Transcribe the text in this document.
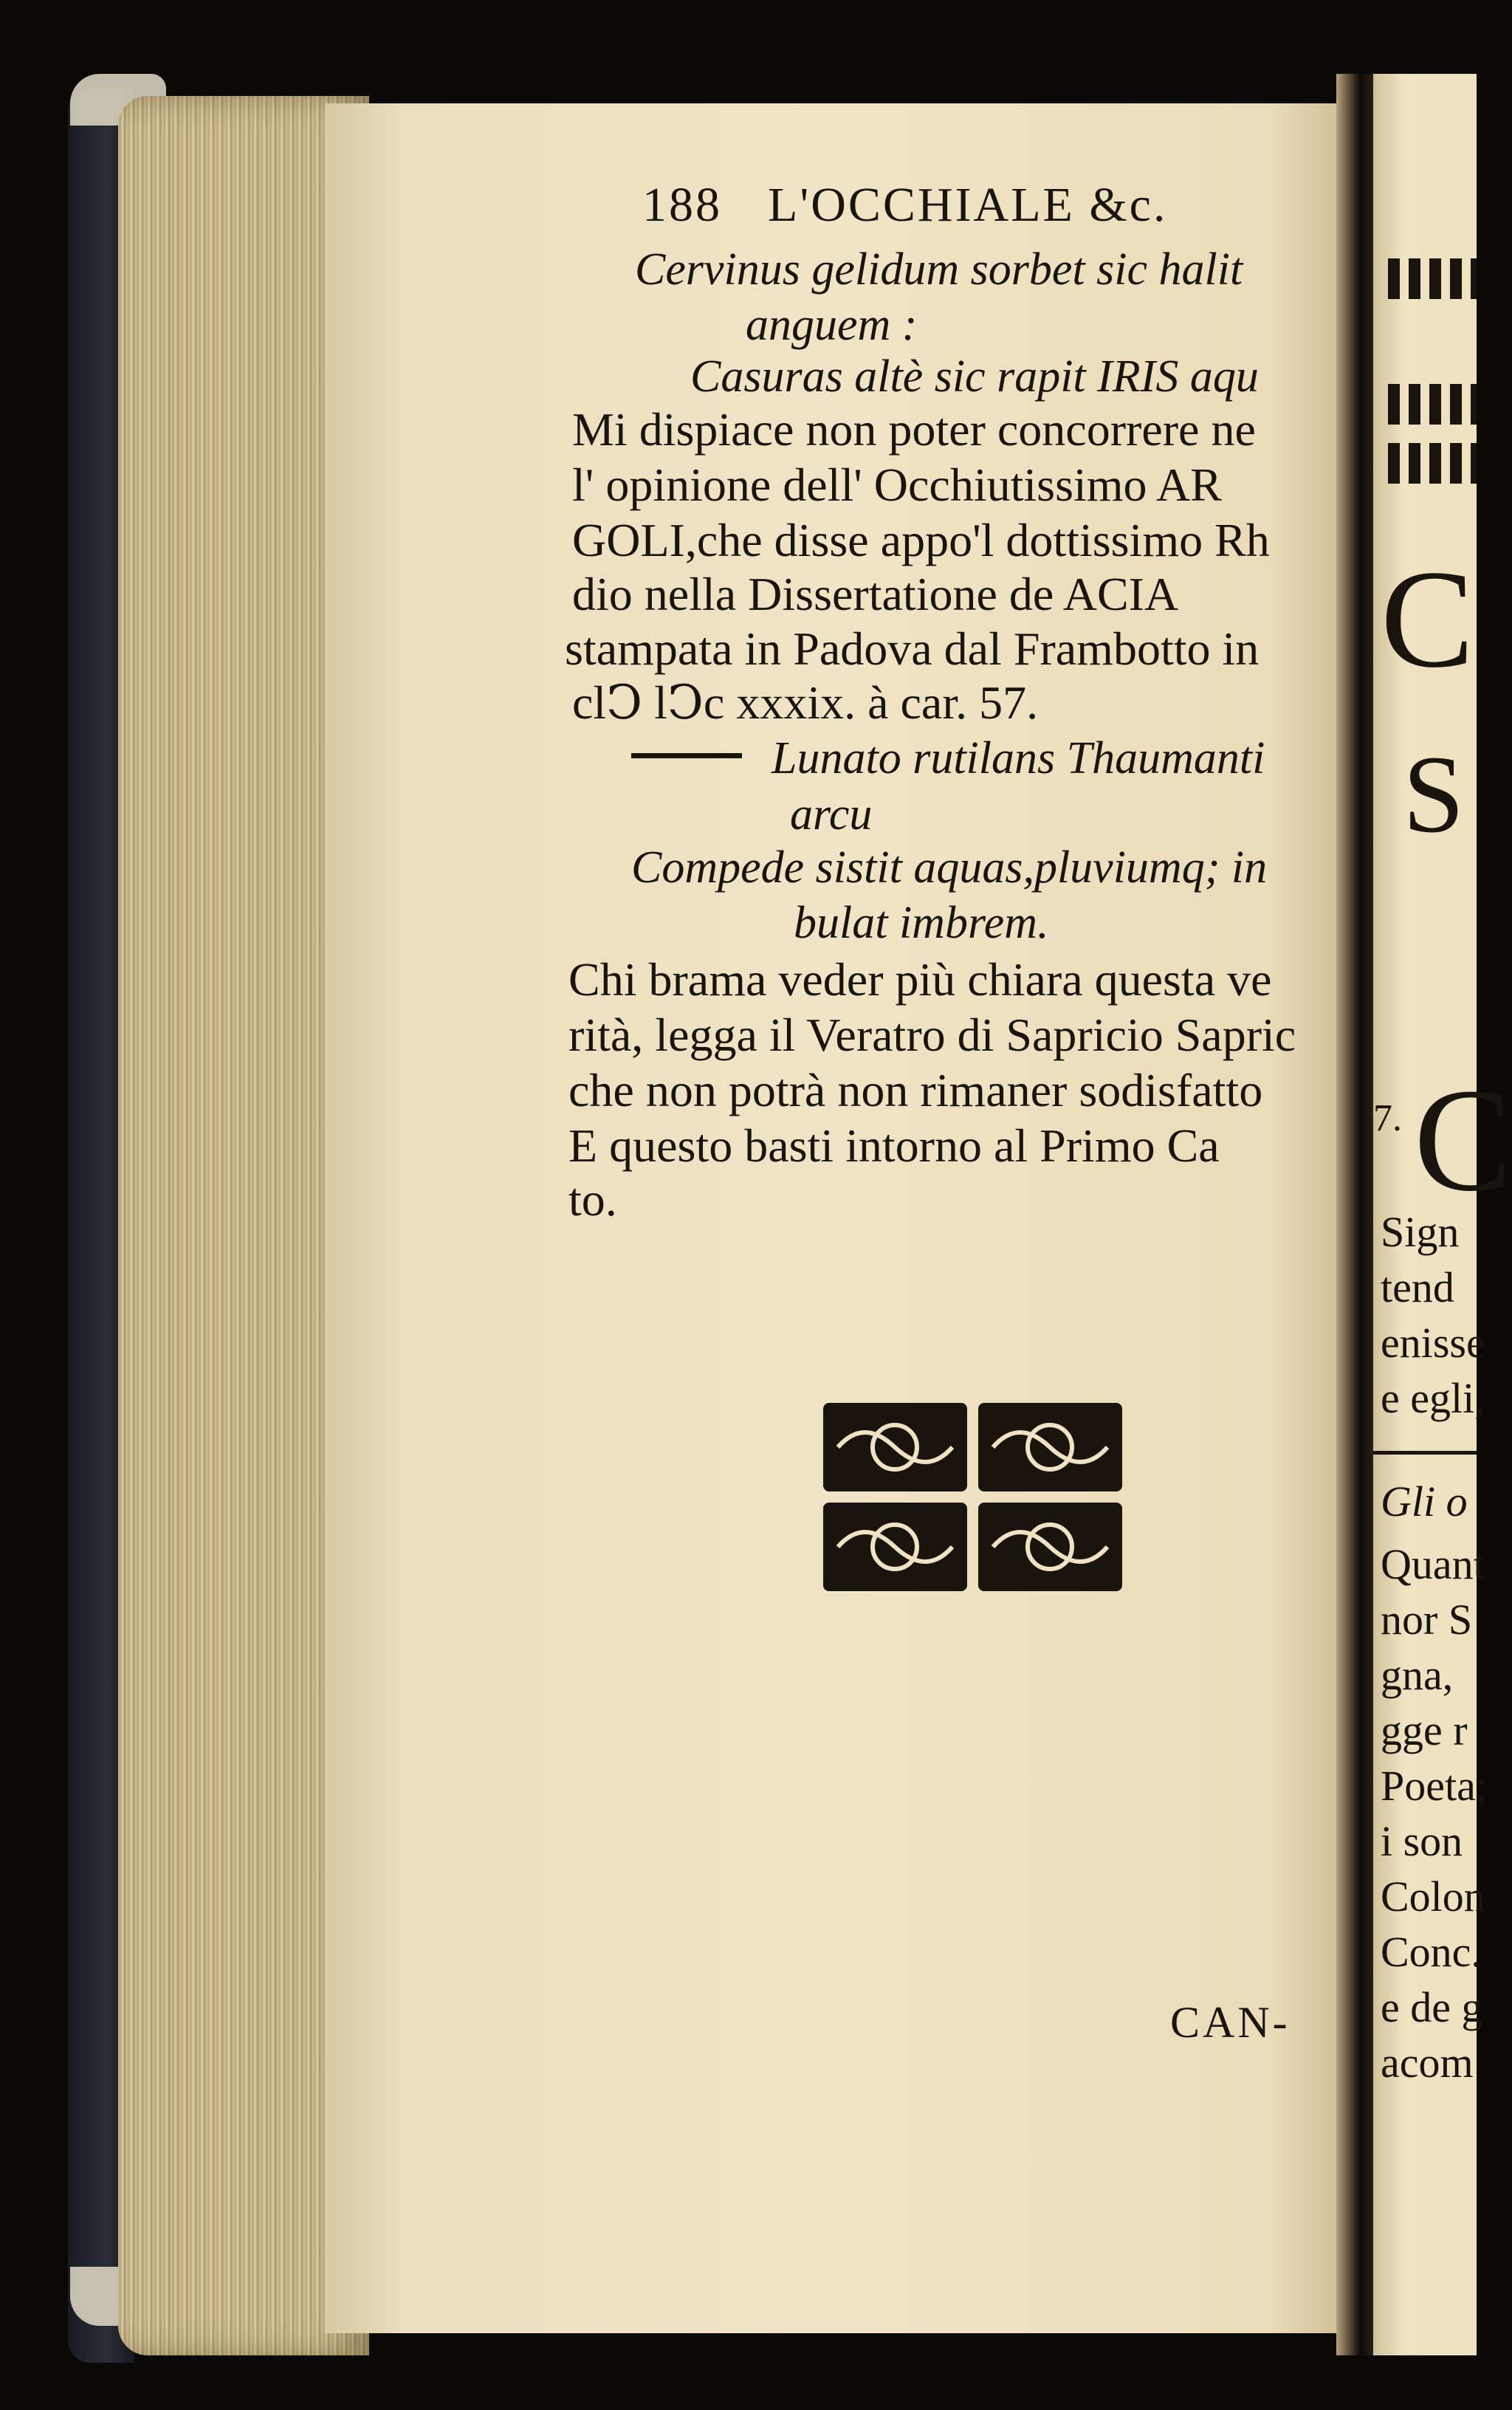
188 L'OCCHIALE &c.
Cervinus gelidum sorbet sic halit
anguem :
Casuras altè sic rapit IRIS aqu
Mi dispiace non poter concorrere ne
l' opinione dell' Occhiutissimo AR
GOLI,che disse appo'l dottissimo Rh
dio nella Dissertatione de ACIA
stampata in Padova dal Frambotto in
clↃ lↃc xxxix. à car. 57.
Lunato rutilans Thaumanti
arcu
Compede sistit aquas,pluviumq; in
bulat imbrem.
Chi brama veder più chiara questa ve
rità, legga il Veratro di Sapricio Sapric
che non potrà non rimaner sodisfatto
E questo basti intorno al Primo Ca
to.
CAN-
C
S
7. C
Sign
tend
enisse
e egli,
Gli o
Quant
nor S
gna,
gge r
Poeta;
i son
Colon
Conc.
e de g
acom
